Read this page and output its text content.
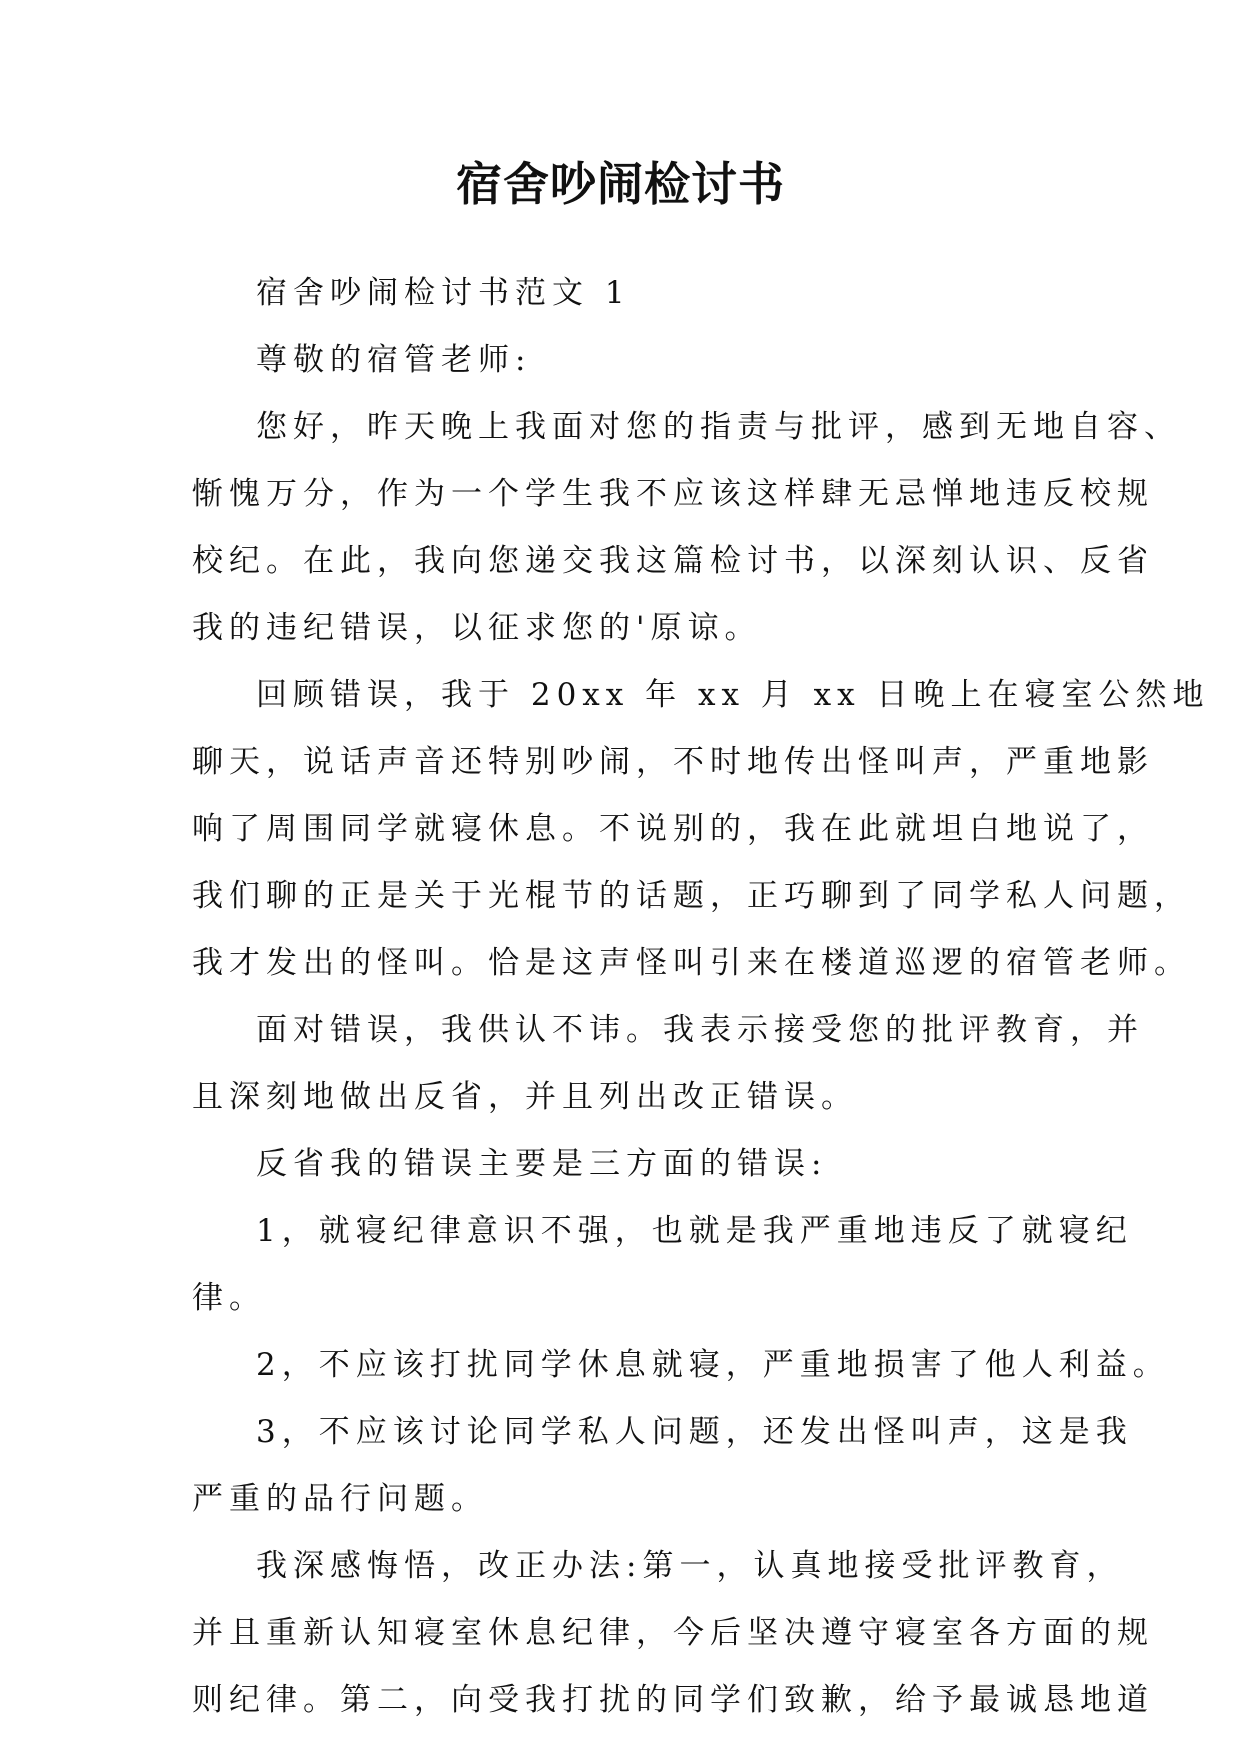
宿舍吵闹检讨书

宿舍吵闹检讨书范文 1

尊敬的宿管老师:

您好，昨天晚上我面对您的指责与批评，感到无地自容、
惭愧万分，作为一个学生我不应该这样肆无忌惮地违反校规
校纪。在此，我向您递交我这篇检讨书，以深刻认识、反省
我的违纪错误，以征求您的'原谅。

回顾错误，我于 20xx 年 xx 月 xx 日晚上在寝室公然地
聊天，说话声音还特别吵闹，不时地传出怪叫声，严重地影
响了周围同学就寝休息。不说别的，我在此就坦白地说了，
我们聊的正是关于光棍节的话题，正巧聊到了同学私人问题，
我才发出的怪叫。恰是这声怪叫引来在楼道巡逻的宿管老师。

面对错误，我供认不讳。我表示接受您的批评教育，并
且深刻地做出反省，并且列出改正错误。

反省我的错误主要是三方面的错误:

1，就寝纪律意识不强，也就是我严重地违反了就寝纪
律。

2，不应该打扰同学休息就寝，严重地损害了他人利益。

3，不应该讨论同学私人问题，还发出怪叫声，这是我
严重的品行问题。

我深感悔悟，改正办法:第一，认真地接受批评教育，
并且重新认知寝室休息纪律，今后坚决遵守寝室各方面的规
则纪律。第二，向受我打扰的同学们致歉，给予最诚恳地道
